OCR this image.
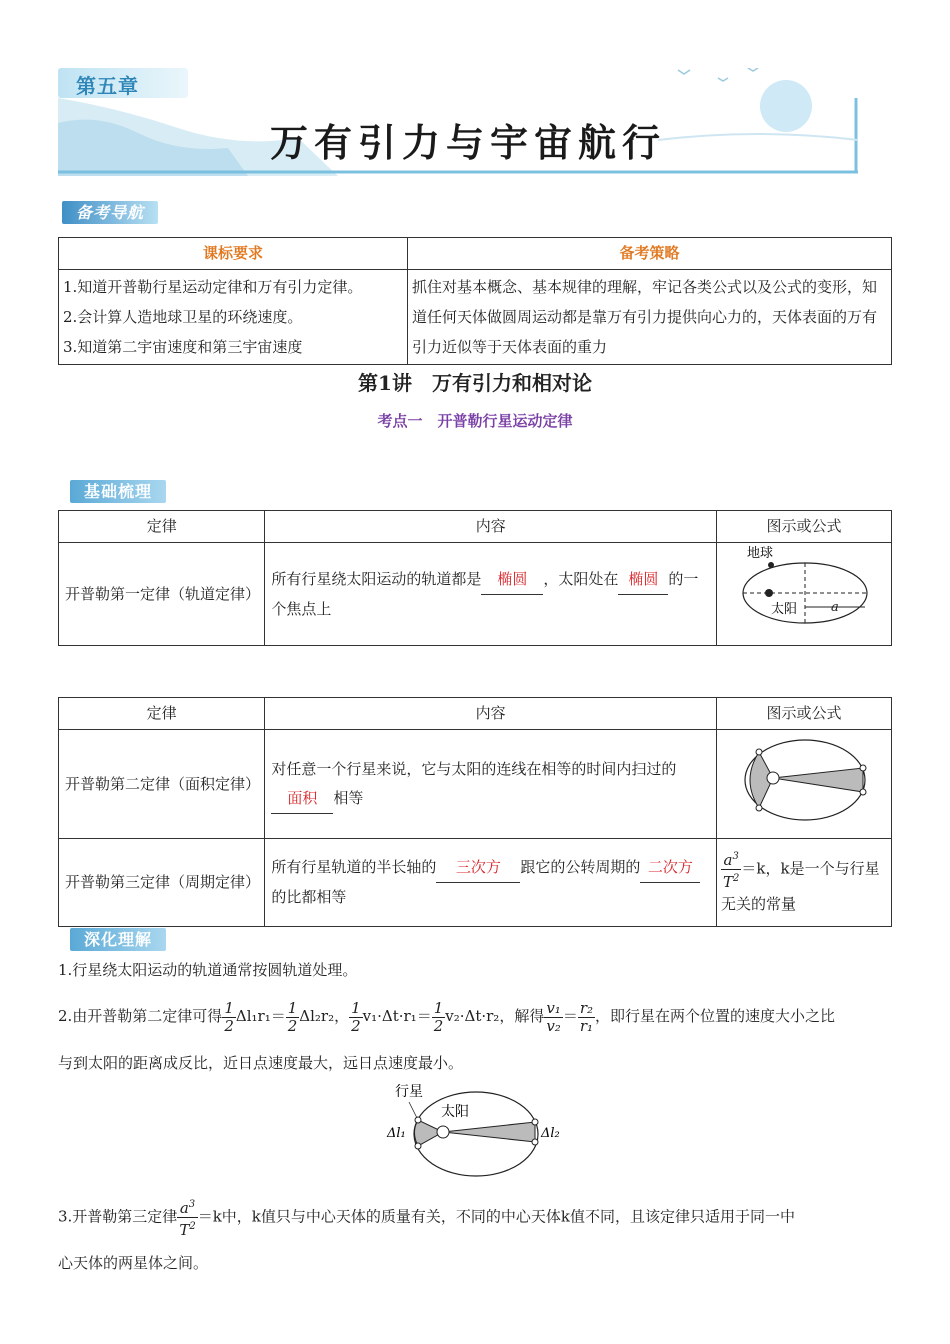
第五章
万有引力与宇宙航行
备考导航
课标要求	备考策略

1.知道开普勒行星运动定律和万有引力定律。
2.会计算人造地球卫星的环绕速度。
3.知道第二宇宙速度和第三宇宙速度	抓住对基本概念、基本规律的理解，牢记各类公式以及公式的变形，知道任何天体做圆周运动都是靠万有引力提供向心力的，天体表面的万有引力近似等于天体表面的重力
第1讲　万有引力和相对论
考点一　开普勒行星运动定律
基础梳理
定律	内容	图示或公式
开普勒第一定律（轨道定律）	所有行星绕太阳运动的轨道都是 椭圆 ，太阳处在 椭圆 的一个焦点上	地球
太阳 a
定律	内容	图示或公式
开普勒第二定律（面积定律）	对任意一个行星来说，它与太阳的连线在相等的时间内扫过的面积 相等	
开普勒第三定律（周期定律）	所有行星轨道的半长轴的 三次方 跟它的公转周期的 二次方的比都相等	$\frac{a^3}{T^2} =k$，k是一个与行星无关的常量
深化理解
1.行星绕太阳运动的轨道通常按圆轨道处理。
2.由开普勒第二定律可得 $\frac{1}{2} \Delta l_1r_1= \frac{1}{2} \Delta l_2r_2$， $\frac{1}{2} v_1\cdot\Delta t\cdot r_1= \frac{1}{2} v_2\cdot\Delta t\cdot r_2$，解得 $\frac{\text{v₁}}{\text{v₂}} = \frac{\text{r₂}}{\text{r₁}}$ ，即行星在两个位置的速度大小之比
与到太阳的距离成反比，近日点速度最大，远日点速度最小。
行星
太阳
Δl₁	Δl₂
3.开普勒第三定律 $\frac{a^3}{T^2} =k$中，k值只与中心天体的质量有关，不同的中心天体k值不同，且该定律只适用于同一中
心天体的两星体之间。
